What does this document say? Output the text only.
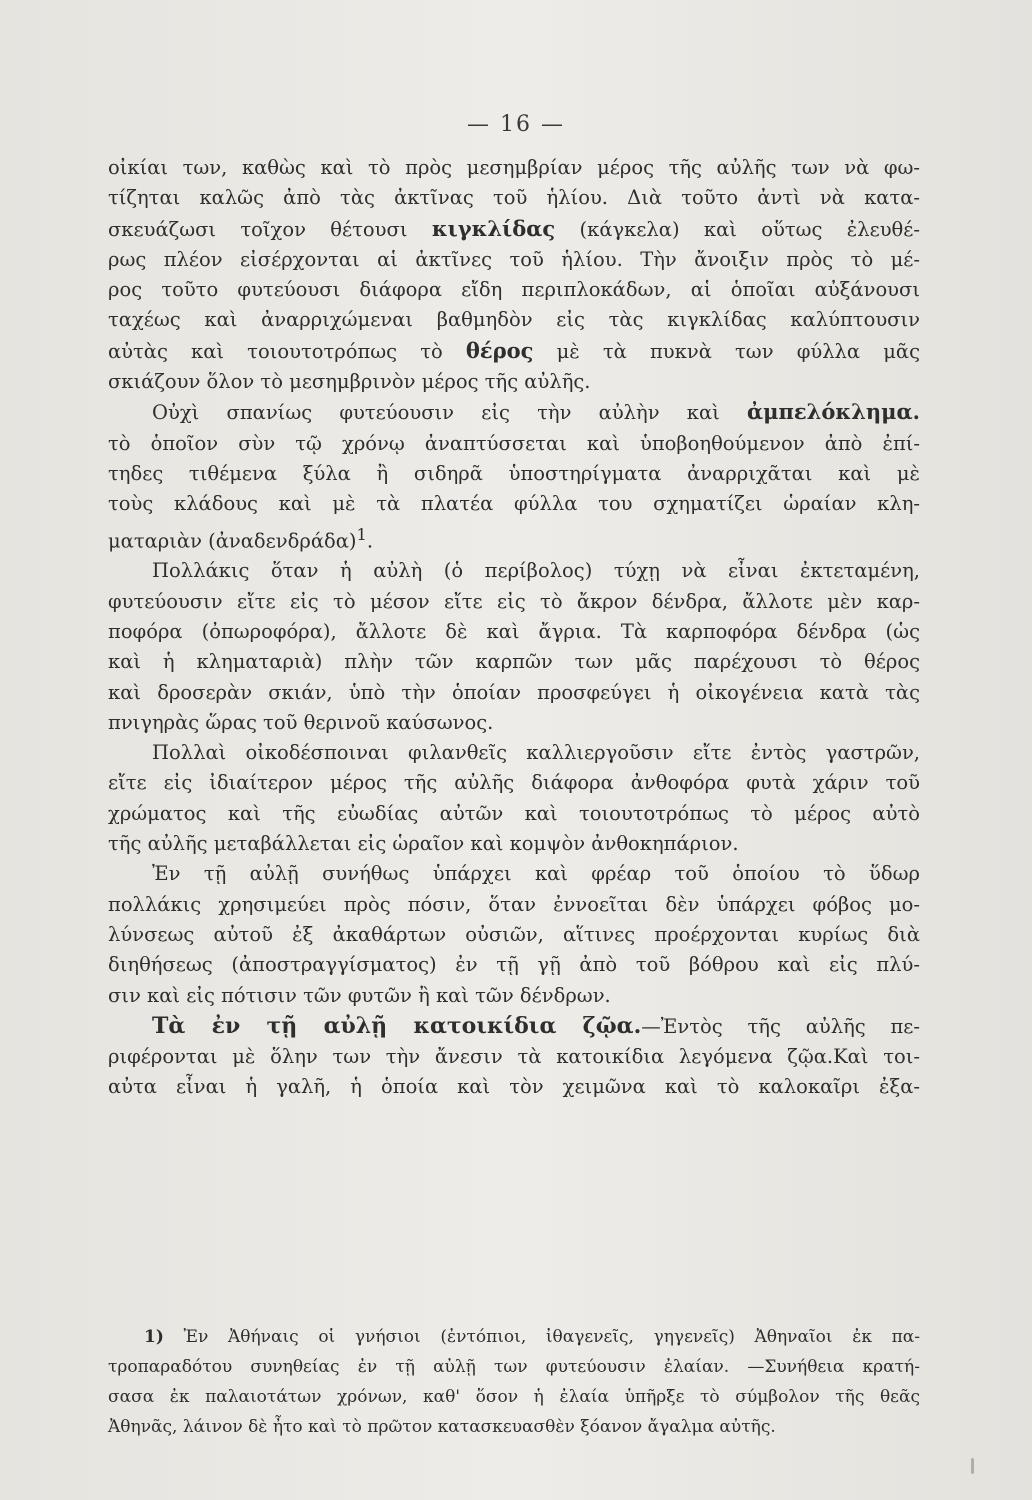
— 16 —
οἰκίαι των, καθὼς καὶ τὸ πρὸς μεσημβρίαν μέρος τῆς αὐλῆς των νὰ φω-
τίζηται καλῶς ἀπὸ τὰς ἀκτῖνας τοῦ ἡλίου. Διὰ τοῦτο ἀντὶ νὰ κατα-
σκευάζωσι τοῖχον θέτουσι κιγκλίδας (κάγκελα) καὶ οὕτως ἐλευθέ-
ρως πλέον εἰσέρχονται αἱ ἀκτῖνες τοῦ ἡλίου. Τὴν ἄνοιξιν πρὸς τὸ μέ-
ρος τοῦτο φυτεύουσι διάφορα εἴδη περιπλοκάδων, αἱ ὁποῖαι αὐξάνουσι
ταχέως καὶ ἀναρριχώμεναι βαθμηδὸν εἰς τὰς κιγκλίδας καλύπτουσιν
αὐτὰς καὶ τοιουτοτρόπως τὸ θέρος μὲ τὰ πυκνὰ των φύλλα μᾶς
σκιάζουν ὅλον τὸ μεσημβρινὸν μέρος τῆς αὐλῆς.
Οὐχὶ σπανίως φυτεύουσιν εἰς τὴν αὐλὴν καὶ ἀμπελόκλημα.
τὸ ὁποῖον σὺν τῷ χρόνῳ ἀναπτύσσεται καὶ ὑποβοηθούμενον ἀπὸ ἐπί-
τηδες τιθέμενα ξύλα ἢ σιδηρᾶ ὑποστηρίγματα ἀναρριχᾶται καὶ μὲ
τοὺς κλάδους καὶ μὲ τὰ πλατέα φύλλα του σχηματίζει ὡραίαν κλη-
ματαριὰν (ἀναδενδράδα)$^1$.
Πολλάκις ὅταν ἡ αὐλὴ (ὁ περίβολος) τύχῃ νὰ εἶναι ἐκτεταμένη,
φυτεύουσιν εἴτε εἰς τὸ μέσον εἴτε εἰς τὸ ἄκρον δένδρα, ἄλλοτε μὲν καρ-
ποφόρα (ὀπωροφόρα), ἄλλοτε δὲ καὶ ἄγρια. Τὰ καρποφόρα δένδρα (ὡς
καὶ ἡ κληματαριὰ) πλὴν τῶν καρπῶν των μᾶς παρέχουσι τὸ θέρος
καὶ δροσερὰν σκιάν, ὑπὸ τὴν ὁποίαν προσφεύγει ἡ οἰκογένεια κατὰ τὰς
πνιγηρὰς ὥρας τοῦ θερινοῦ καύσωνος.
Πολλαὶ οἰκοδέσποιναι φιλανθεῖς καλλιεργοῦσιν εἴτε ἐντὸς γαστρῶν,
εἴτε εἰς ἰδιαίτερον μέρος τῆς αὐλῆς διάφορα ἀνθοφόρα φυτὰ χάριν τοῦ
χρώματος καὶ τῆς εὐωδίας αὐτῶν καὶ τοιουτοτρόπως τὸ μέρος αὐτὸ
τῆς αὐλῆς μεταβάλλεται εἰς ὡραῖον καὶ κομψὸν ἀνθοκηπάριον.
Ἐν τῇ αὐλῇ συνήθως ὑπάρχει καὶ φρέαρ τοῦ ὁποίου τὸ ὕδωρ
πολλάκις χρησιμεύει πρὸς πόσιν, ὅταν ἐννοεῖται δὲν ὑπάρχει φόβος μο-
λύνσεως αὐτοῦ ἐξ ἀκαθάρτων οὐσιῶν, αἵτινες προέρχονται κυρίως διὰ
διηθήσεως (ἀποστραγγίσματος) ἐν τῇ γῇ ἀπὸ τοῦ βόθρου καὶ εἰς πλύ-
σιν καὶ εἰς πότισιν τῶν φυτῶν ἢ καὶ τῶν δένδρων.
Τὰ ἐν τῇ αὐλῇ κατοικίδια ζῷα.—Ἐντὸς τῆς αὐλῆς πε-
ριφέρονται μὲ ὅλην των τὴν ἄνεσιν τὰ κατοικίδια λεγόμενα ζῷα.Καὶ τοι-
αὐτα εἶναι ἡ γαλῆ, ἡ ὁποία καὶ τὸν χειμῶνα καὶ τὸ καλοκαῖρι ἐξα-
1) Ἐν Ἀθήναις οἱ γνήσιοι (ἐντόπιοι, ἰθαγενεῖς, γηγενεῖς) Ἀθηναῖοι ἐκ πα-
τροπαραδότου συνηθείας ἐν τῇ αὐλῇ των φυτεύουσιν ἐλαίαν. —Συνήθεια κρατή-
σασα ἐκ παλαιοτάτων χρόνων, καθ' ὅσον ἡ ἐλαία ὑπῆρξε τὸ σύμβολον τῆς θεᾶς
Ἀθηνᾶς, λάινον δὲ ἦτο καὶ τὸ πρῶτον κατασκευασθὲν ξόανον ἄγαλμα αὐτῆς.
